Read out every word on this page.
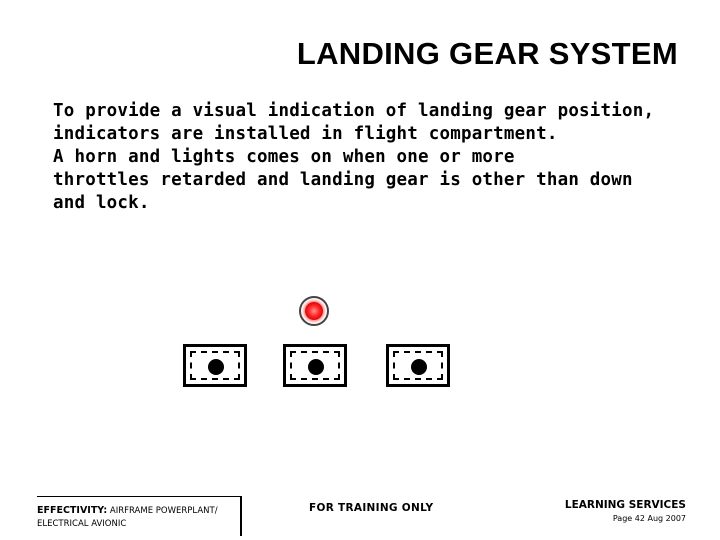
LANDING GEAR SYSTEM
To provide a visual indication of landing gear position,
indicators are installed in flight compartment.
A horn and lights comes on when one or more
throttles retarded and landing gear is other than down
and lock.
EFFECTIVITY: AIRFRAME POWERPLANT/
ELECTRICAL AVIONIC
FOR TRAINING ONLY	LEARNING SERVICES
Page 42 Aug 2007
